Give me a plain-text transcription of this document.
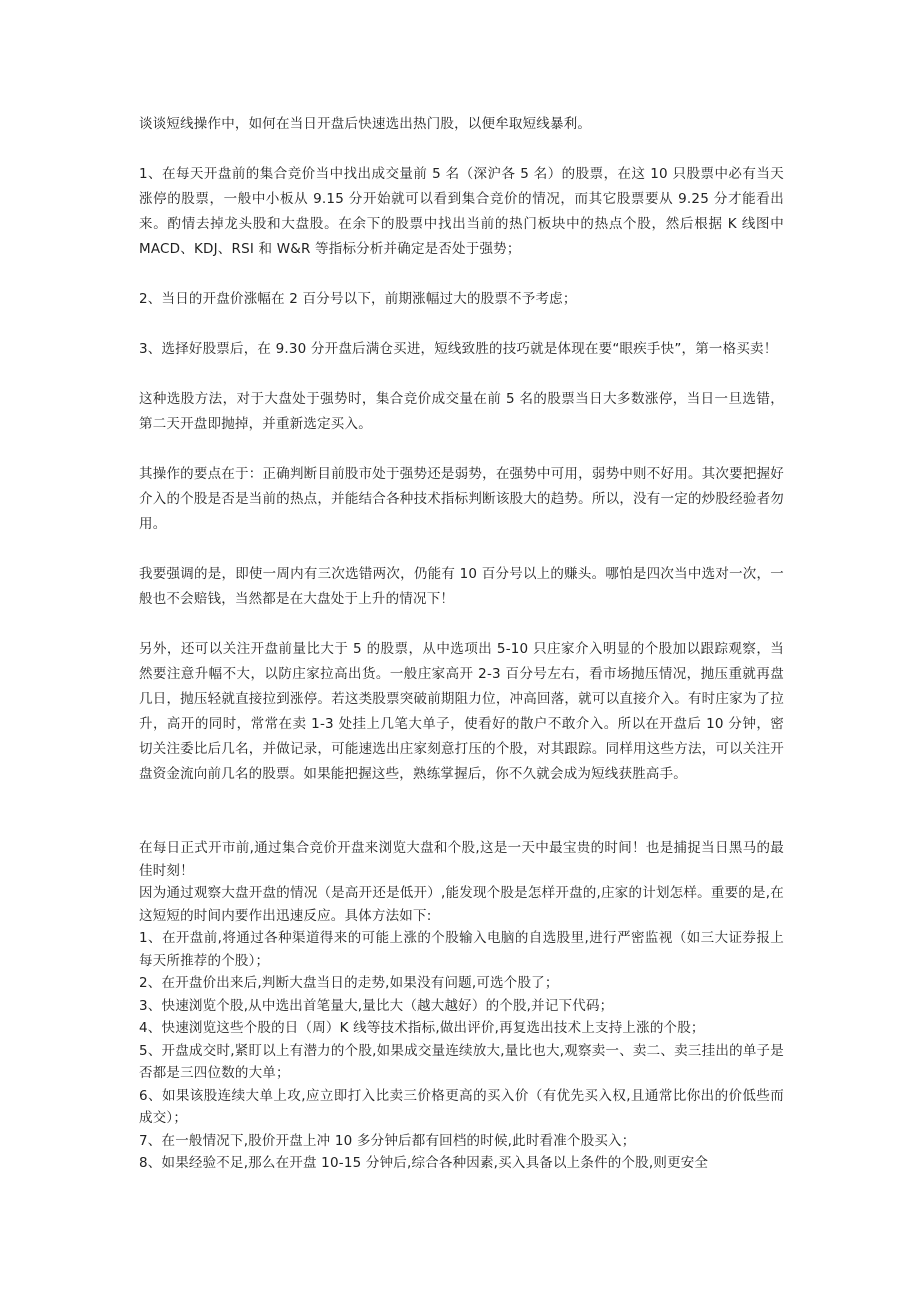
谈谈短线操作中，如何在当日开盘后快速选出热门股，以便牟取短线暴利。

1、在每天开盘前的集合竞价当中找出成交量前 5 名（深沪各 5 名）的股票，在这 10 只股票中必有当天涨停的股票，一般中小板从 9.15 分开始就可以看到集合竞价的情况，而其它股票要从 9.25 分才能看出来。酌情去掉龙头股和大盘股。在余下的股票中找出当前的热门板块中的热点个股，然后根据 K 线图中 MACD、KDJ、RSI 和 W&R 等指标分析并确定是否处于强势；

2、当日的开盘价涨幅在 2 百分号以下，前期涨幅过大的股票不予考虑；

3、选择好股票后，在 9.30 分开盘后满仓买进，短线致胜的技巧就是体现在要“眼疾手快”，第一格买卖！

这种选股方法，对于大盘处于强势时，集合竞价成交量在前 5 名的股票当日大多数涨停，当日一旦选错，第二天开盘即抛掉，并重新选定买入。

其操作的要点在于：正确判断目前股市处于强势还是弱势，在强势中可用，弱势中则不好用。其次要把握好介入的个股是否是当前的热点，并能结合各种技术指标判断该股大的趋势。所以，没有一定的炒股经验者勿用。

我要强调的是，即使一周内有三次选错两次，仍能有 10 百分号以上的赚头。哪怕是四次当中选对一次，一般也不会赔钱，当然都是在大盘处于上升的情况下！

另外，还可以关注开盘前量比大于 5 的股票，从中选项出 5-10 只庄家介入明显的个股加以跟踪观察，当然要注意升幅不大，以防庄家拉高出货。一般庄家高开 2-3 百分号左右，看市场抛压情况，抛压重就再盘几日，抛压轻就直接拉到涨停。若这类股票突破前期阻力位，冲高回落，就可以直接介入。有时庄家为了拉升，高开的同时，常常在卖 1-3 处挂上几笔大单子，使看好的散户不敢介入。所以在开盘后 10 分钟，密切关注委比后几名，并做记录，可能速选出庄家刻意打压的个股，对其跟踪。同样用这些方法，可以关注开盘资金流向前几名的股票。如果能把握这些，熟练掌握后，你不久就会成为短线获胜高手。

在每日正式开市前,通过集合竞价开盘来浏览大盘和个股,这是一天中最宝贵的时间！也是捕捉当日黑马的最佳时刻！

因为通过观察大盘开盘的情况（是高开还是低开）,能发现个股是怎样开盘的,庄家的计划怎样。重要的是,在这短短的时间内要作出迅速反应。具体方法如下:

1、在开盘前,将通过各种渠道得来的可能上涨的个股输入电脑的自选股里,进行严密监视（如三大证券报上每天所推荐的个股）；

2、在开盘价出来后,判断大盘当日的走势,如果没有问题,可选个股了；

3、快速浏览个股,从中选出首笔量大,量比大（越大越好）的个股,并记下代码；

4、快速浏览这些个股的日（周）K 线等技术指标,做出评价,再复选出技术上支持上涨的个股；

5、开盘成交时,紧盯以上有潜力的个股,如果成交量连续放大,量比也大,观察卖一、卖二、卖三挂出的单子是否都是三四位数的大单；

6、如果该股连续大单上攻,应立即打入比卖三价格更高的买入价（有优先买入权,且通常比你出的价低些而成交）；

7、在一般情况下,股价开盘上冲 10 多分钟后都有回档的时候,此时看准个股买入；

8、如果经验不足,那么在开盘 10-15 分钟后,综合各种因素,买入具备以上条件的个股,则更安全
